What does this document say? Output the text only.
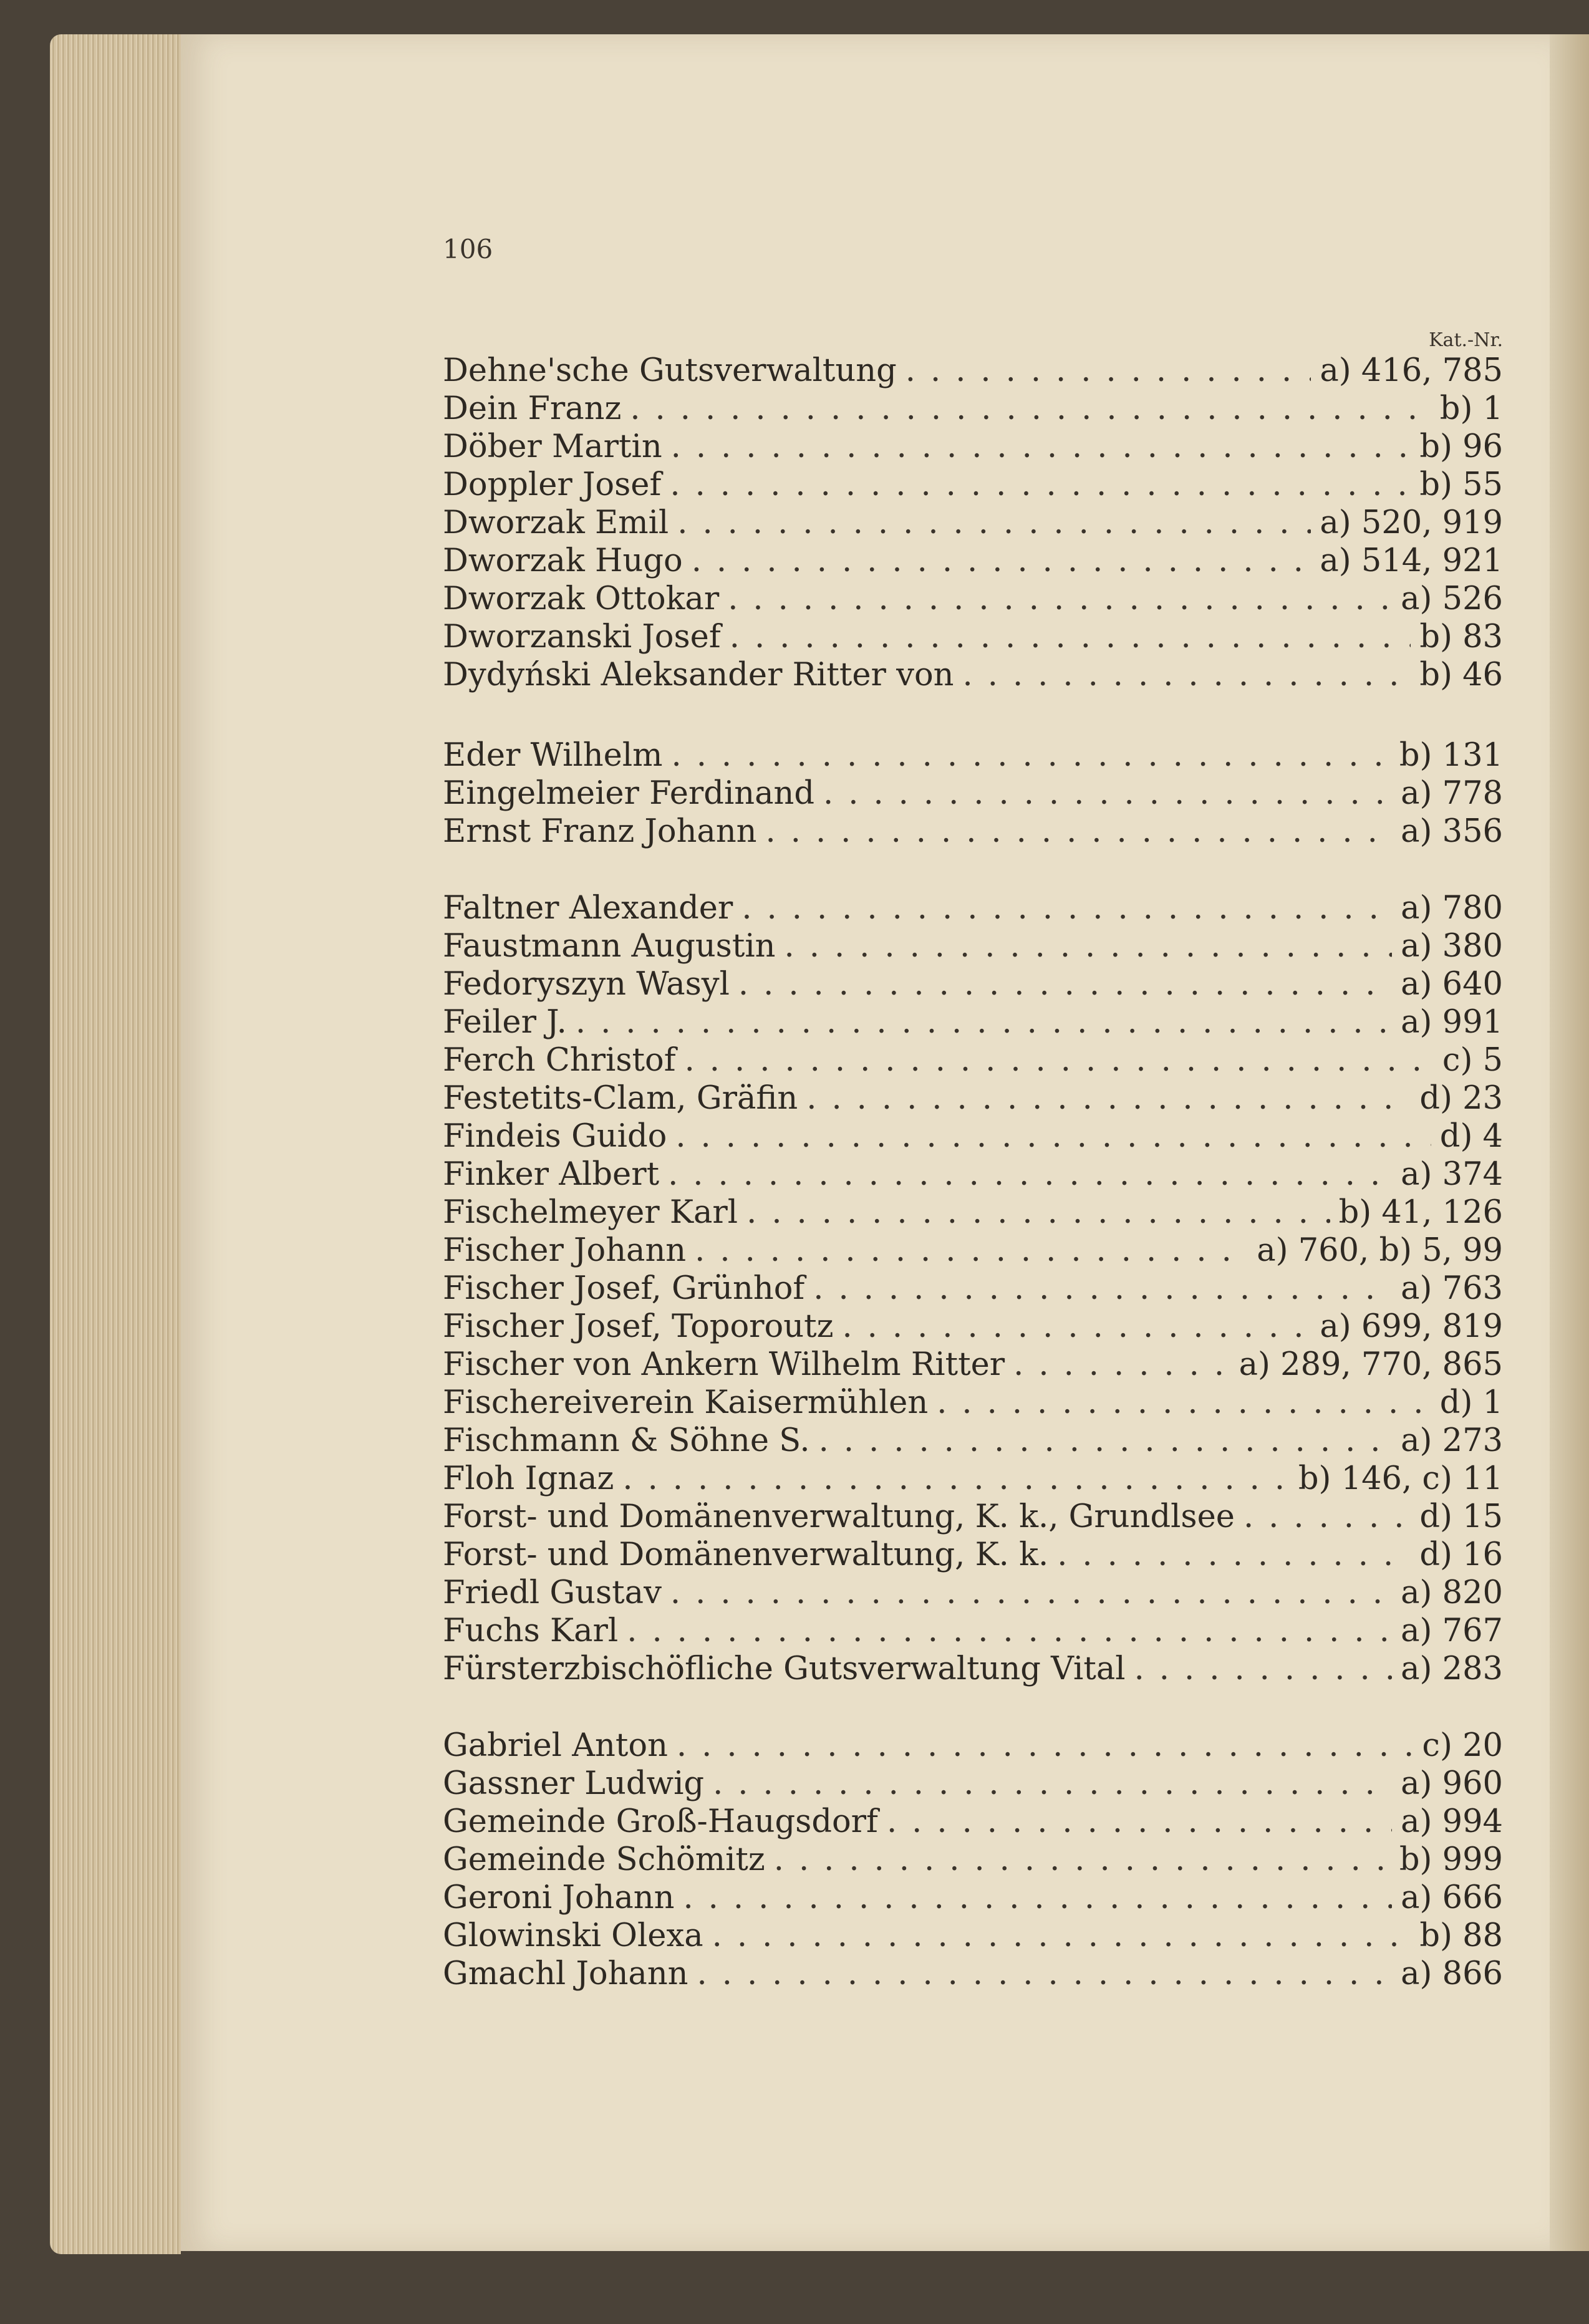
106
Kat.-Nr.
Dehne'sche Gutsverwaltung .....	a) 416, 785
Dein Franz .....	b) 1
Döber Martin .....	b) 96
Doppler Josef .....	b) 55
Dworzak Emil .....	a) 520, 919
Dworzak Hugo .....	a) 514, 921
Dworzak Ottokar .....	a) 526
Dworzanski Josef .....	b) 83
Dydyński Aleksander Ritter von .....	b) 46
Eder Wilhelm .....	b) 131
Eingelmeier Ferdinand .....	a) 778
Ernst Franz Johann .....	a) 356
Faltner Alexander .....	a) 780
Faustmann Augustin .....	a) 380
Fedoryszyn Wasyl .....	a) 640
Feiler J. .....	a) 991
Ferch Christof .....	c) 5
Festetits-Clam, Gräfin .....	d) 23
Findeis Guido .....	d) 4
Finker Albert .....	a) 374
Fischelmeyer Karl .....	b) 41, 126
Fischer Johann .....	a) 760, b) 5, 99
Fischer Josef, Grünhof .....	a) 763
Fischer Josef, Toporoutz .....	a) 699, 819
Fischer von Ankern Wilhelm Ritter .....	a) 289, 770, 865
Fischereiverein Kaisermühlen .....	d) 1
Fischmann & Söhne S. .....	a) 273
Floh Ignaz .....	b) 146, c) 11
Forst- und Domänenverwaltung, K. k., Grundlsee .....	d) 15
Forst- und Domänenverwaltung, K. k. .....	d) 16
Friedl Gustav .....	a) 820
Fuchs Karl .....	a) 767
Fürsterzbischöfliche Gutsverwaltung Vital .....	a) 283
Gabriel Anton .....	c) 20
Gassner Ludwig .....	a) 960
Gemeinde Groß-Haugsdorf .....	a) 994
Gemeinde Schömitz .....	b) 999
Geroni Johann .....	a) 666
Glowinski Olexa .....	b) 88
Gmachl Johann .....	a) 866
